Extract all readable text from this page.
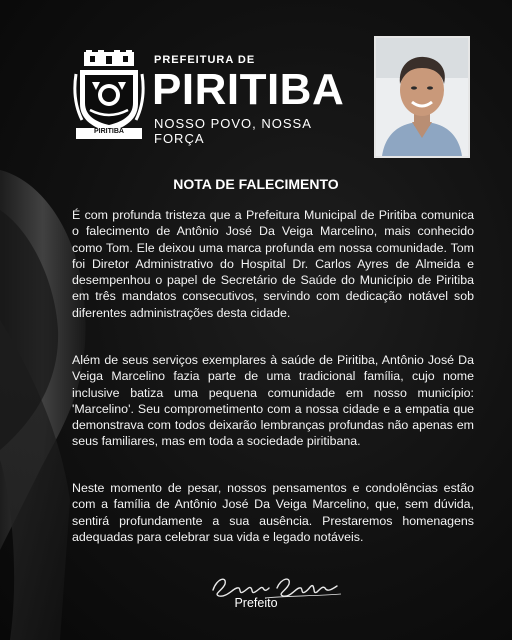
PIRITIBA
PREFEITURA DE
PIRITIBA
NOSSO POVO, NOSSA FORÇA
NOTA DE FALECIMENTO
É com profunda tristeza que a Prefeitura Municipal de Piritiba comunica o falecimento de Antônio José Da Veiga Marcelino, mais conhecido como Tom. Ele deixou uma marca profunda em nossa comunidade. Tom foi Diretor Administrativo do Hospital Dr. Carlos Ayres de Almeida e desempenhou o papel de Secretário de Saúde do Município de Piritiba em três mandatos consecutivos, servindo com dedicação notável sob diferentes administrações desta cidade.
Além de seus serviços exemplares à saúde de Piritiba, Antônio José Da Veiga Marcelino fazia parte de uma tradicional família, cujo nome inclusive batiza uma pequena comunidade em nosso município: 'Marcelino'. Seu comprometimento com a nossa cidade e a empatia que demonstrava com todos deixarão lembranças profundas não apenas em seus familiares, mas em toda a sociedade piritibana.
Neste momento de pesar, nossos pensamentos e condolências estão com a família de Antônio José Da Veiga Marcelino, que, sem dúvida, sentirá profundamente a sua ausência. Prestaremos homenagens adequadas para celebrar sua vida e legado notáveis.
Prefeito
